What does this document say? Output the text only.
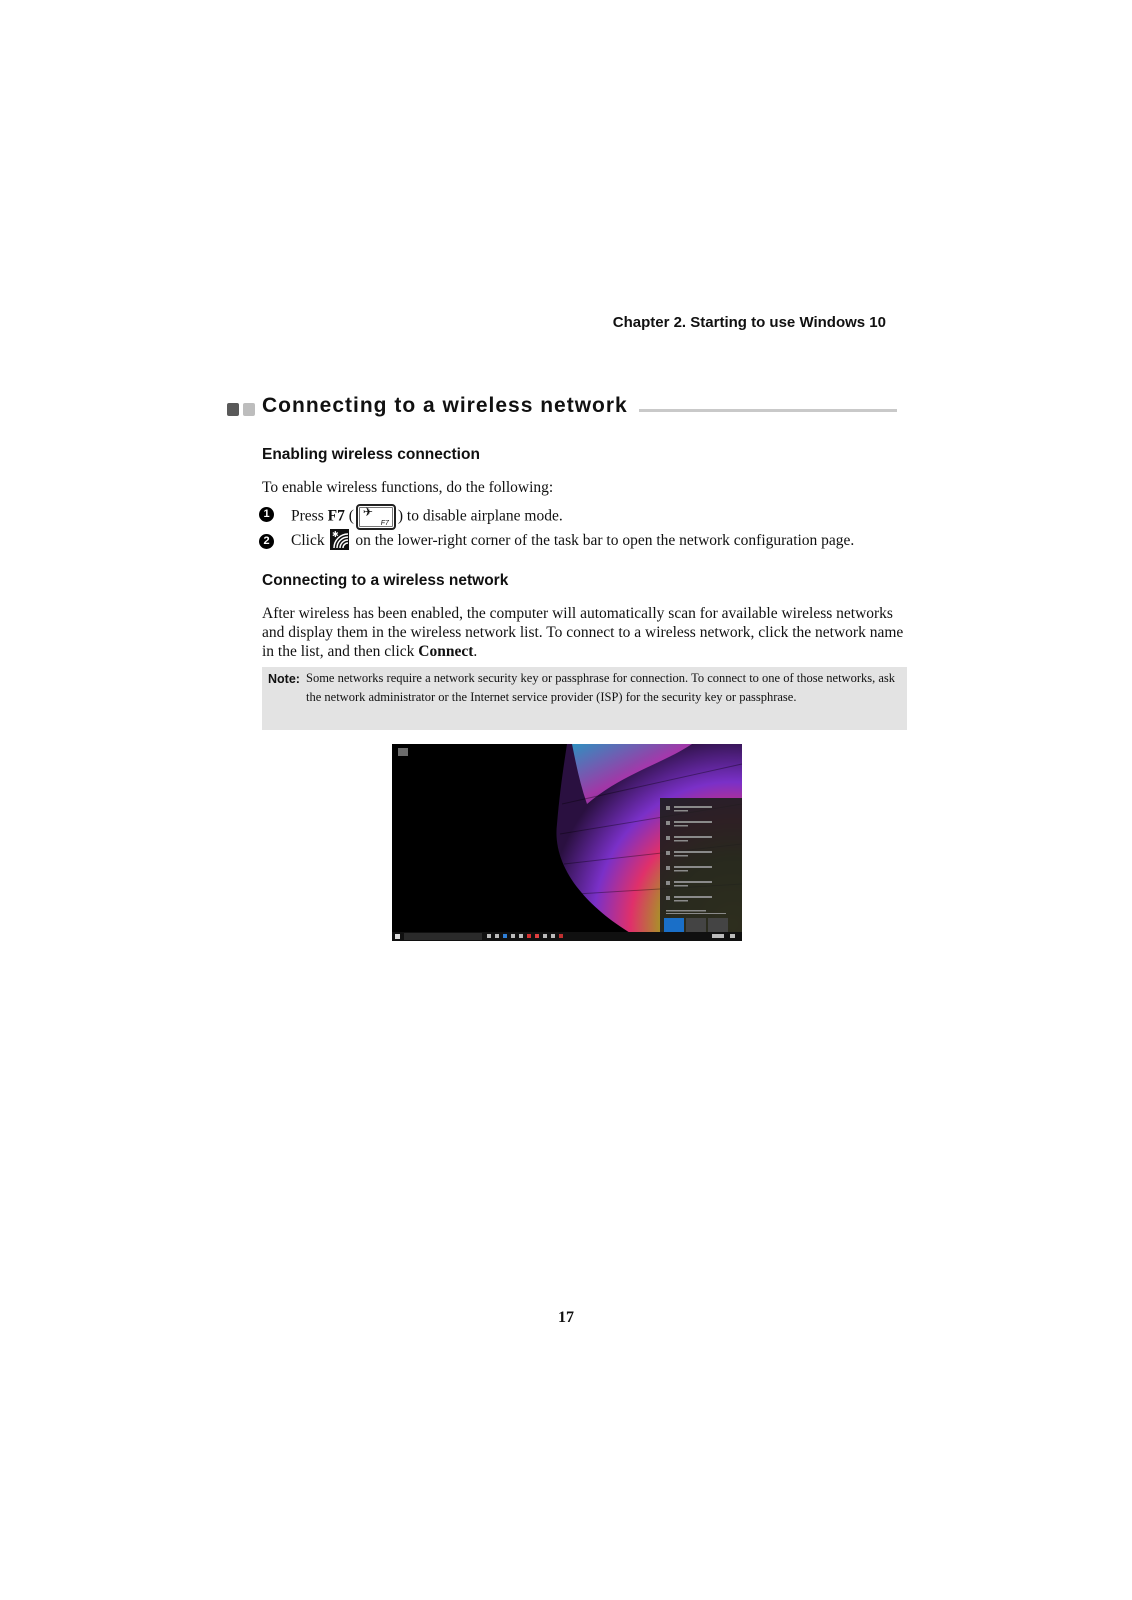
Chapter 2. Starting to use Windows 10
Connecting to a wireless network
Enabling wireless connection
To enable wireless functions, do the following:
1 Press F7 ( ✈
F7 ) to disable airplane mode.
2 Click ✱ on the lower-right corner of the task bar to open the network configuration page.
Connecting to a wireless network
After wireless has been enabled, the computer will automatically scan for available wireless networks and display them in the wireless network list. To connect to a wireless network, click the network name in the list, and then click Connect.
Note: Some networks require a network security key or passphrase for connection. To connect to one of those networks, ask the network administrator or the Internet service provider (ISP) for the security key or passphrase.
17
